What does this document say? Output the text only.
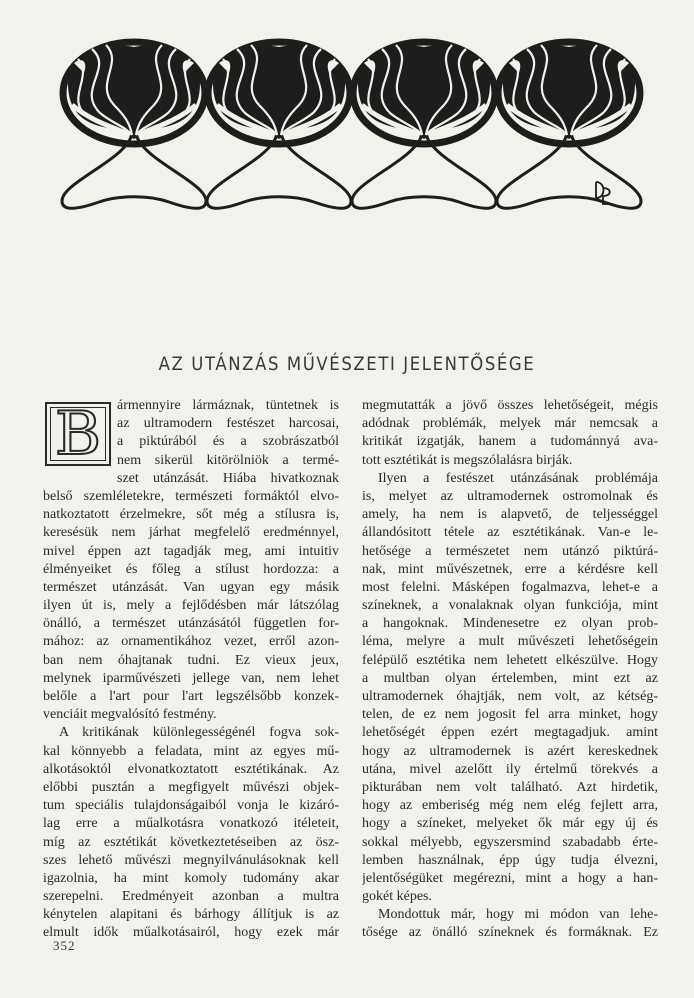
AZ UTÁNZÁS MŰVÉSZETI JELENTŐSÉGE
B	ármennyire lármáznak, tüntetnek is
az ultramodern festészet harcosai,
a piktúrából és a szobrászatból
nem sikerül kitörölniök a termé-
szet utánzását. Hiába hivatkoznak
belső szemléletekre, természeti formáktól elvo-
natkoztatott érzelmekre, sőt még a stílusra is,
keresésük nem járhat megfelelő eredménnyel,
mivel éppen azt tagadják meg, ami intuitiv
élményeiket és főleg a stílust hordozza: a
természet utánzását. Van ugyan egy másik
ilyen út is, mely a fejlődésben már látszólag
önálló, a természet utánzásától független for-
mához: az ornamentikához vezet, erről azon-
ban nem óhajtanak tudni. Ez vieux jeux,
melynek iparművészeti jellege van, nem lehet
belőle a l'art pour l'art legszélsőbb konzek-
venciáit megvalósító festmény.
A kritikának különlegességénél fogva sok-
kal könnyebb a feladata, mint az egyes mű-
alkotásoktól elvonatkoztatott esztétikának. Az
előbbi pusztán a megfigyelt művészi objek-
tum speciális tulajdonságaiból vonja le kizáró-
lag erre a műalkotásra vonatkozó itéleteit,
míg az esztétikát következtetéseiben az ösz-
szes lehető művészi megnyilvánulásoknak kell
igazolnia, ha mint komoly tudomány akar
szerepelni. Eredményeit azonban a multra
kénytelen alapitani és bárhogy állítjuk is az
elmult idők műalkotásairól, hogy ezek már
megmutatták a jövő összes lehetőségeit, mégis
adódnak problémák, melyek már nemcsak a
kritikát izgatják, hanem a tudománnyá ava-
tott esztétikát is megszólalásra birják.
Ilyen a festészet utánzásának problémája
is, melyet az ultramodernek ostromolnak és
amely, ha nem is alapvető, de teljességgel
állandósitott tétele az esztétikának. Van-e le-
hetősége a természetet nem utánzó piktúrá-
nak, mint művészetnek, erre a kérdésre kell
most felelni. Másképen fogalmazva, lehet-e a
színeknek, a vonalaknak olyan funkciója, mint
a hangoknak. Mindenesetre ez olyan prob-
léma, melyre a mult művészeti lehetőségein
felépülő esztétika nem lehetett elkészülve. Hogy
a multban olyan értelemben, mint ezt az
ultramodernek óhajtják, nem volt, az kétség-
telen, de ez nem jogosit fel arra minket, hogy
lehetőségét éppen ezért megtagadjuk. amint
hogy az ultramodernek is azért kereskednek
utána, mivel azelőtt ily értelmű törekvés a
pikturában nem volt található. Azt hirdetik,
hogy az emberiség még nem elég fejlett arra,
hogy a színeket, melyeket ők már egy új és
sokkal mélyebb, egyszersmind szabadabb érte-
lemben használnak, épp úgy tudja élvezni,
jelentőségüket megérezni, mint a hogy a han-
gokét képes.
Mondottuk már, hogy mi módon van lehe-
tősége az önálló színeknek és formáknak. Ez
352
